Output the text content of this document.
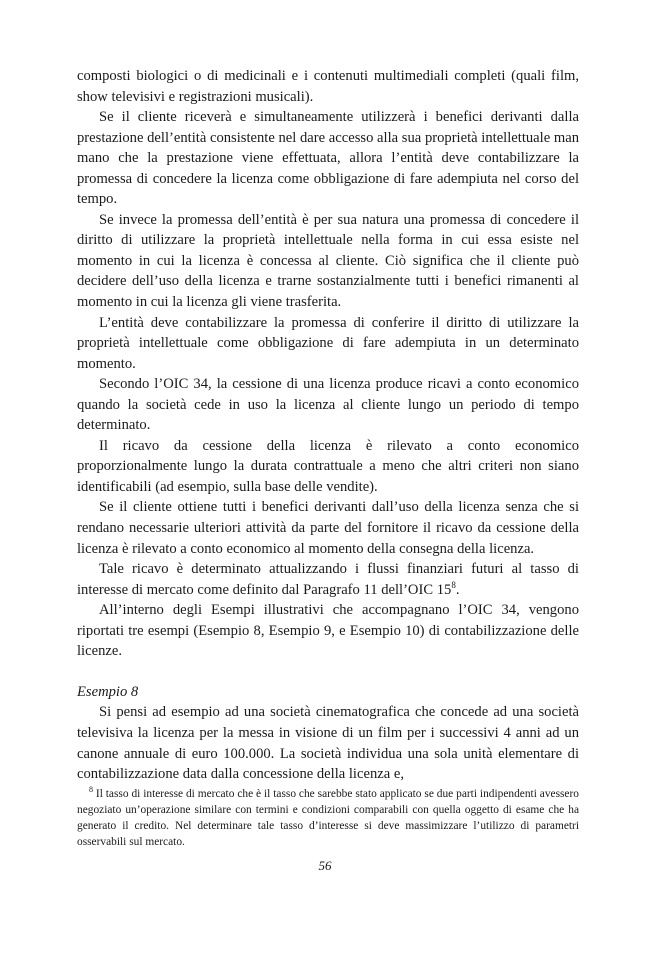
composti biologici o di medicinali e i contenuti multimediali completi (quali film, show televisivi e registrazioni musicali).

Se il cliente riceverà e simultaneamente utilizzerà i benefici derivanti dalla prestazione dell’entità consistente nel dare accesso alla sua proprietà intellettuale man mano che la prestazione viene effettuata, allora l’entità deve contabilizzare la promessa di concedere la licenza come obbligazione di fare adempiuta nel corso del tempo.

Se invece la promessa dell’entità è per sua natura una promessa di concedere il diritto di utilizzare la proprietà intellettuale nella forma in cui essa esiste nel momento in cui la licenza è concessa al cliente. Ciò significa che il cliente può decidere dell’uso della licenza e trarne sostanzialmente tutti i benefici rimanenti al momento in cui la licenza gli viene trasferita.

L’entità deve contabilizzare la promessa di conferire il diritto di utilizzare la proprietà intellettuale come obbligazione di fare adempiuta in un determinato momento.

Secondo l’OIC 34, la cessione di una licenza produce ricavi a conto economico quando la società cede in uso la licenza al cliente lungo un periodo di tempo determinato.

Il ricavo da cessione della licenza è rilevato a conto economico proporzionalmente lungo la durata contrattuale a meno che altri criteri non siano identificabili (ad esempio, sulla base delle vendite).

Se il cliente ottiene tutti i benefici derivanti dall’uso della licenza senza che si rendano necessarie ulteriori attività da parte del fornitore il ricavo da cessione della licenza è rilevato a conto economico al momento della consegna della licenza.

Tale ricavo è determinato attualizzando i flussi finanziari futuri al tasso di interesse di mercato come definito dal Paragrafo 11 dell’OIC $15^8$.

All’interno degli Esempi illustrativi che accompagnano l’OIC 34, vengono riportati tre esempi (Esempio 8, Esempio 9, e Esempio 10) di contabilizzazione delle licenze.

Esempio 8

Si pensi ad esempio ad una società cinematografica che concede ad una società televisiva la licenza per la messa in visione di un film per i successivi 4 anni ad un canone annuale di euro 100.000. La società individua una sola unità elementare di contabilizzazione data dalla concessione della licenza e,

$^8$ Il tasso di interesse di mercato che è il tasso che sarebbe stato applicato se due parti indipendenti avessero negoziato un’operazione similare con termini e condizioni comparabili con quella oggetto di esame che ha generato il credito. Nel determinare tale tasso d’interesse si deve massimizzare l’utilizzo di parametri osservabili sul mercato.

56
